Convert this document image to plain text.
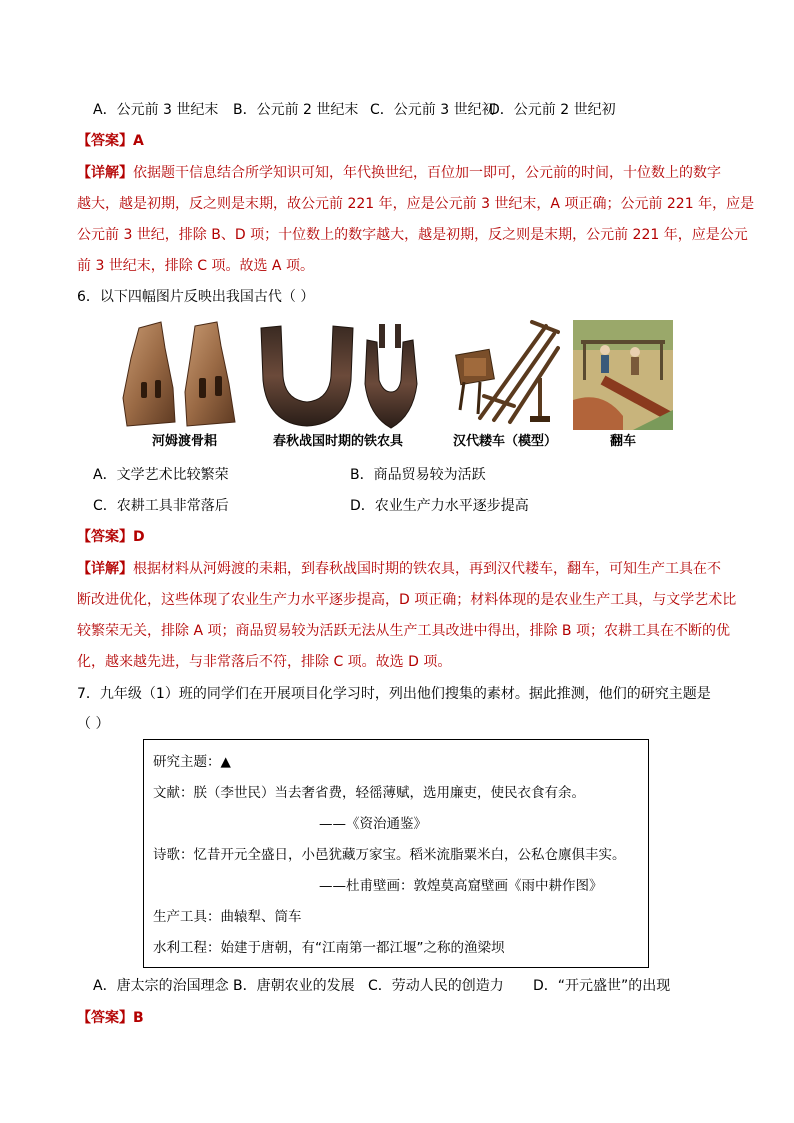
A．公元前 3 世纪末 B．公元前 2 世纪末 C．公元前 3 世纪初
D．公元前 2 世纪初
【答案】A
【详解】依据题干信息结合所学知识可知，年代换世纪，百位加一即可，公元前的时间，十位数上的数字
越大，越是初期，反之则是末期，故公元前 221 年，应是公元前 3 世纪末，A 项正确；公元前 221 年，应是
公元前 3 世纪，排除 B、D 项；十位数上的数字越大，越是初期，反之则是末期，公元前 221 年，应是公元
前 3 世纪末，排除 C 项。故选 A 项。
6．以下四幅图片反映出我国古代（ ）
河姆渡骨耜	春秋战国时期的铁农具	汉代耧车（模型）	翻车
A．文学艺术比较繁荣	B．商品贸易较为活跃
C．农耕工具非常落后	D．农业生产力水平逐步提高
【答案】D
【详解】根据材料从河姆渡的耒耜，到春秋战国时期的铁农具，再到汉代耧车，翻车，可知生产工具在不
断改进优化，这些体现了农业生产力水平逐步提高，D 项正确；材料体现的是农业生产工具，与文学艺术比
较繁荣无关，排除 A 项；商品贸易较为活跃无法从生产工具改进中得出，排除 B 项；农耕工具在不断的优
化，越来越先进，与非常落后不符，排除 C 项。故选 D 项。
7．九年级（1）班的同学们在开展项目化学习时，列出他们搜集的素材。据此推测，他们的研究主题是
（ ）
研究主题：▲
文献：朕（李世民）当去奢省费，轻徭薄赋，选用廉吏，使民衣食有余。
——《资治通鉴》
诗歌：忆昔开元全盛日，小邑犹藏万家宝。稻米流脂粟米白，公私仓廪俱丰实。
——杜甫壁画：敦煌莫高窟壁画《雨中耕作图》
生产工具：曲辕犁、筒车
水利工程：始建于唐朝，有“江南第一都江堰”之称的渔梁坝
A．唐太宗的治国理念 B．唐朝农业的发展 C．劳动人民的创造力 D．“开元盛世”的出现
【答案】B
